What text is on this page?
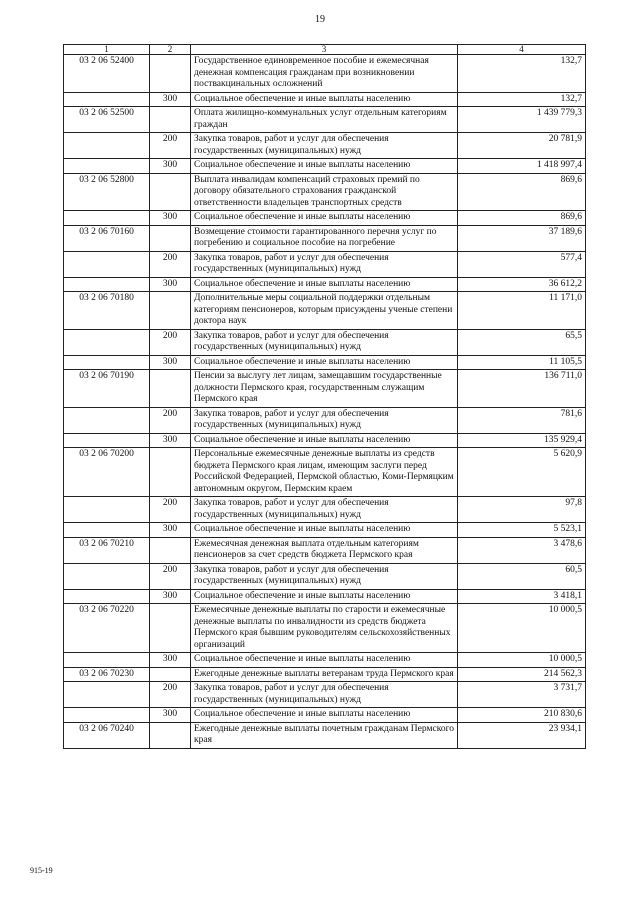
19
1	2	3	4
03 2 06 52400		Государственное единовременное пособие и ежемесячная денежная компенсация гражданам при возникновении поствакцинальных осложнений	132,7
	300	Социальное обеспечение и иные выплаты населению	132,7
03 2 06 52500		Оплата жилищно-коммунальных услуг отдельным категориям граждан	1 439 779,3
	200	Закупка товаров, работ и услуг для обеспечения государственных (муниципальных) нужд	20 781,9
	300	Социальное обеспечение и иные выплаты населению	1 418 997,4
03 2 06 52800		Выплата инвалидам компенсаций страховых премий по договору обязательного страхования гражданской ответственности владельцев транспортных средств	869,6
	300	Социальное обеспечение и иные выплаты населению	869,6
03 2 06 70160		Возмещение стоимости гарантированного перечня услуг по погребению и социальное пособие на погребение	37 189,6
	200	Закупка товаров, работ и услуг для обеспечения государственных (муниципальных) нужд	577,4
	300	Социальное обеспечение и иные выплаты населению	36 612,2
03 2 06 70180		Дополнительные меры социальной поддержки отдельным категориям пенсионеров, которым присуждены ученые степени доктора наук	11 171,0
	200	Закупка товаров, работ и услуг для обеспечения государственных (муниципальных) нужд	65,5
	300	Социальное обеспечение и иные выплаты населению	11 105,5
03 2 06 70190		Пенсии за выслугу лет лицам, замещавшим государственные должности Пермского края, государственным служащим Пермского края	136 711,0
	200	Закупка товаров, работ и услуг для обеспечения государственных (муниципальных) нужд	781,6
	300	Социальное обеспечение и иные выплаты населению	135 929,4
03 2 06 70200		Персональные ежемесячные денежные выплаты из средств бюджета Пермского края лицам, имеющим заслуги перед Российской Федерацией, Пермской областью, Коми-Пермяцким автономным округом, Пермским краем	5 620,9
	200	Закупка товаров, работ и услуг для обеспечения государственных (муниципальных) нужд	97,8
	300	Социальное обеспечение и иные выплаты населению	5 523,1
03 2 06 70210		Ежемесячная денежная выплата отдельным категориям пенсионеров за счет средств бюджета Пермского края	3 478,6
	200	Закупка товаров, работ и услуг для обеспечения государственных (муниципальных) нужд	60,5
	300	Социальное обеспечение и иные выплаты населению	3 418,1
03 2 06 70220		Ежемесячные денежные выплаты по старости и ежемесячные денежные выплаты по инвалидности из средств бюджета Пермского края бывшим руководителям сельскохозяйственных организаций	10 000,5
	300	Социальное обеспечение и иные выплаты населению	10 000,5
03 2 06 70230		Ежегодные денежные выплаты ветеранам труда Пермского края	214 562,3
	200	Закупка товаров, работ и услуг для обеспечения государственных (муниципальных) нужд	3 731,7
	300	Социальное обеспечение и иные выплаты населению	210 830,6
03 2 06 70240		Ежегодные денежные выплаты почетным гражданам Пермского края	23 934,1
915-19
